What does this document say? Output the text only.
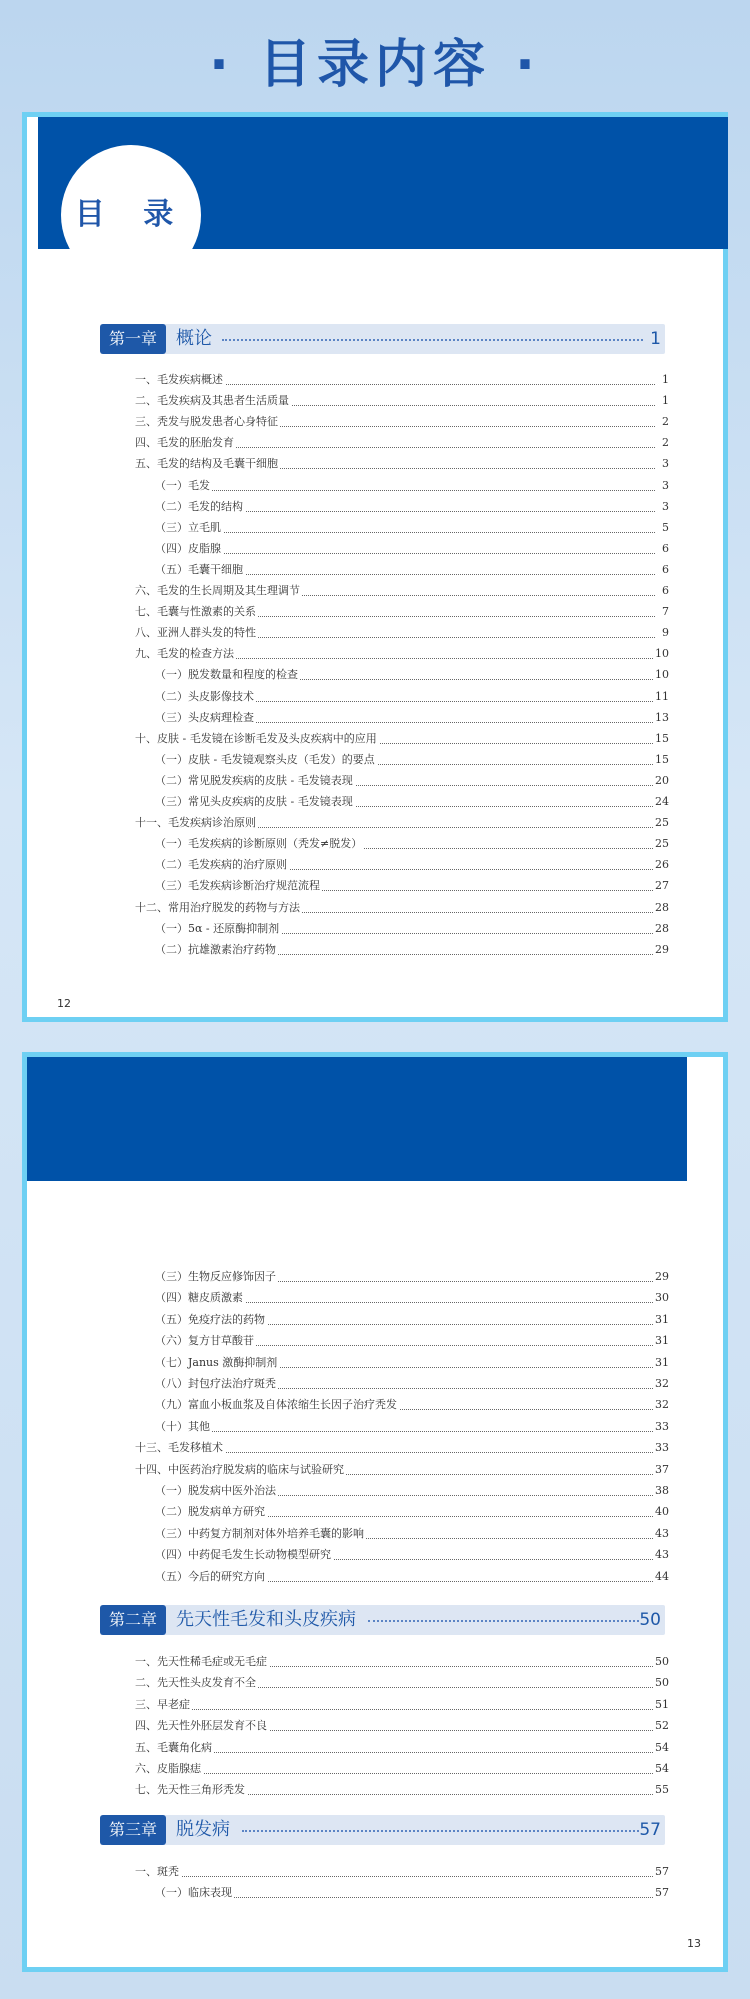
· 目录内容 ·
目 录
第一章	概论	1
一、毛发疾病概述	1
二、毛发疾病及其患者生活质量	1
三、秃发与脱发患者心身特征	2
四、毛发的胚胎发育	2
五、毛发的结构及毛囊干细胞	3
（一）毛发	3
（二）毛发的结构	3
（三）立毛肌	5
（四）皮脂腺	6
（五）毛囊干细胞	6
六、毛发的生长周期及其生理调节	6
七、毛囊与性激素的关系	7
八、亚洲人群头发的特性	9
九、毛发的检查方法	10
（一）脱发数量和程度的检查	10
（二）头皮影像技术	11
（三）头皮病理检查	13
十、皮肤 - 毛发镜在诊断毛发及头皮疾病中的应用	15
（一）皮肤 - 毛发镜观察头皮（毛发）的要点	15
（二）常见脱发疾病的皮肤 - 毛发镜表现	20
（三）常见头皮疾病的皮肤 - 毛发镜表现	24
十一、毛发疾病诊治原则	25
（一）毛发疾病的诊断原则（秃发≠脱发）	25
（二）毛发疾病的治疗原则	26
（三）毛发疾病诊断治疗规范流程	27
十二、常用治疗脱发的药物与方法	28
（一）5α - 还原酶抑制剂	28
（二）抗雄激素治疗药物	29
12
（三）生物反应修饰因子	29
（四）糖皮质激素	30
（五）免疫疗法的药物	31
（六）复方甘草酸苷	31
（七）Janus 激酶抑制剂	31
（八）封包疗法治疗斑秃	32
（九）富血小板血浆及自体浓缩生长因子治疗秃发	32
（十）其他	33
十三、毛发移植术	33
十四、中医药治疗脱发病的临床与试验研究	37
（一）脱发病中医外治法	38
（二）脱发病单方研究	40
（三）中药复方制剂对体外培养毛囊的影响	43
（四）中药促毛发生长动物模型研究	43
（五）今后的研究方向	44
第二章	先天性毛发和头皮疾病	50
一、先天性稀毛症或无毛症	50
二、先天性头皮发育不全	50
三、早老症	51
四、先天性外胚层发育不良	52
五、毛囊角化病	54
六、皮脂腺痣	54
七、先天性三角形秃发	55
第三章	脱发病	57
一、斑秃	57
（一）临床表现	57
13
